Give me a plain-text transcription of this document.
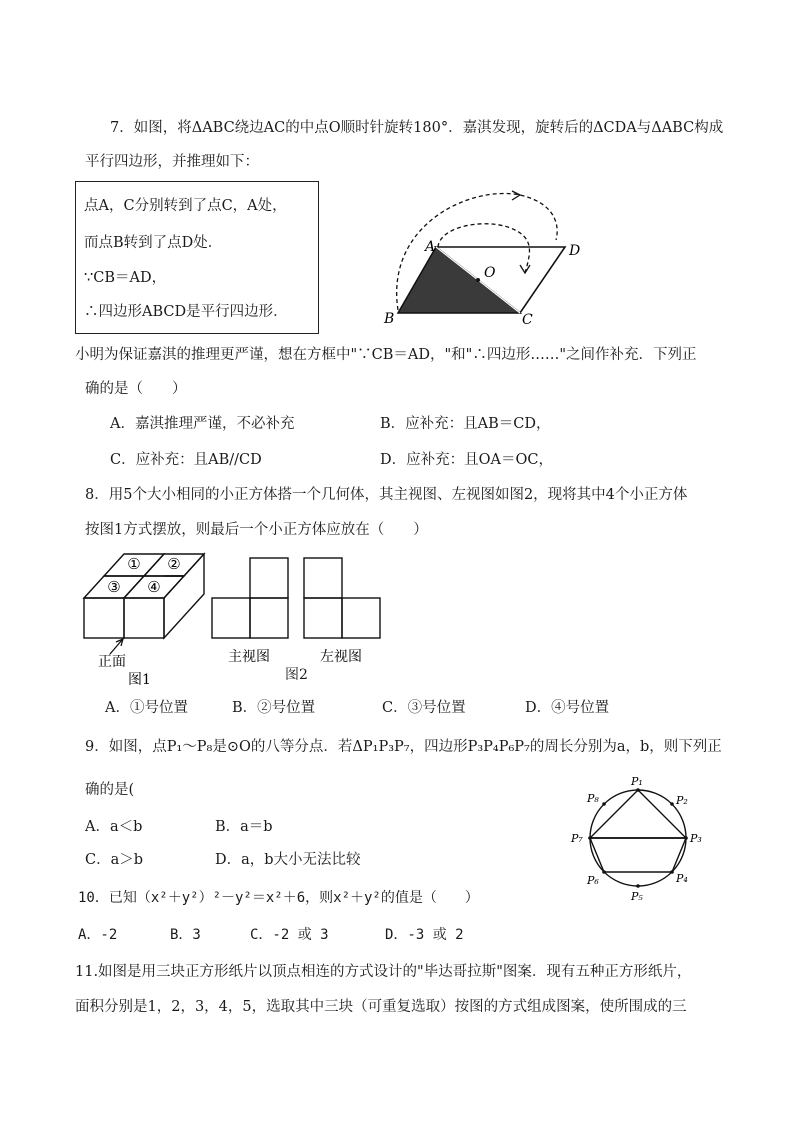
7．如图，将ΔABC绕边AC的中点O顺时针旋转180°．嘉淇发现，旋转后的ΔCDA与ΔABC构成
平行四边形，并推理如下：
点A，C分别转到了点C，A处，
而点B转到了点D处．
∵CB＝AD，
∴四边形ABCD是平行四边形．
A
B	C
D
O
小明为保证嘉淇的推理更严谨，想在方框中"∵CB＝AD，"和"∴四边形……"之间作补充．下列正
确的是（　　）
A．嘉淇推理严谨，不必补充	B．应补充：且AB＝CD，
C．应补充：且AB//CD	D．应补充：且OA＝OC，
8．用5个大小相同的小正方体搭一个几何体，其主视图、左视图如图2，现将其中4个小正方体
按图1方式摆放，则最后一个小正方体应放在（　　）
① ②
③ ④
正面
图1
主视图	左视图
图2
A．①号位置	B．②号位置	C．③号位置	D．④号位置
9．如图，点P₁～P₈是⊙O的八等分点．若ΔP₁P₃P₇，四边形P₃P₄P₆P₇的周长分别为a，b，则下列正
确的是(
A．a＜b	B．a＝b
C．a＞b	D．a，b大小无法比较
P₁
P₂
P₃
P₄
P₅
P₆
P₇
P₈
10．已知（x²＋y²）²－y²＝x²＋6，则x²＋y²的值是（　　）
A．-2	B．3	C．-2 或 3	D．-3 或 2
11.如图是用三块正方形纸片以顶点相连的方式设计的"毕达哥拉斯"图案．现有五种正方形纸片，
面积分别是1，2，3，4，5，选取其中三块（可重复选取）按图的方式组成图案，使所围成的三
